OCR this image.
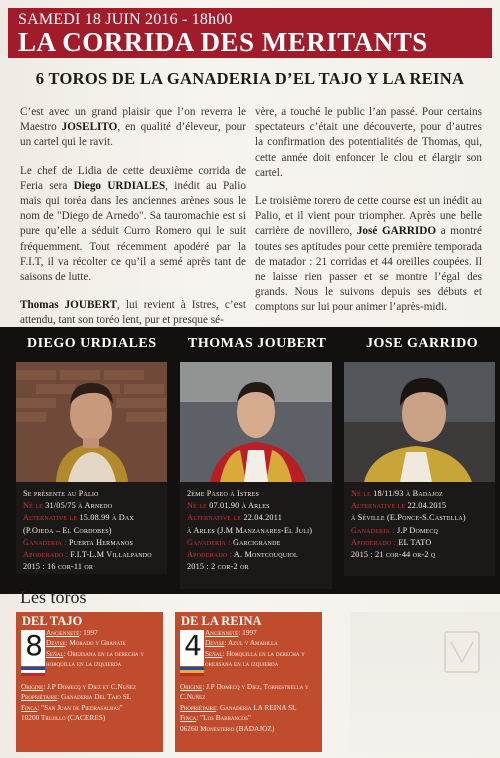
SAMEDI 18 JUIN 2016 - 18h00
LA CORRIDA DES MERITANTS
6 TOROS DE LA GANADERIA D’EL TAJO Y LA REINA

C’est avec un grand plaisir que l’on reverra le Maestro JOSELITO, en qualité d’éleveur, pour un cartel qui le ravit.

Le chef de Lidia de cette deuxième corrida de Feria sera Diego URDIALES, inédit au Palio mais qui toréa dans les anciennes arènes sous le nom de "Diego de Arnedo". Sa tauromachie est si pure qu’elle a séduit Curro Romero qui le suit fréquemment. Tout récemment apodéré par la F.I.T, il va récolter ce qu’il a semé après tant de saisons de lutte.

Thomas JOUBERT, lui revient à Istres, c’est attendu, tant son toréo lent, pur et presque sé-

vère, a touché le public l’an passé. Pour certains spectateurs c’était une découverte, pour d’autres la confirmation des potentialités de Thomas, qui, cette année doit enfoncer le clou et élargir son cartel.

Le troisième torero de cette course est un inédit au Palio, et il vient pour triompher. Après une belle carrière de novillero, José GARRIDO a montré toutes ses aptitudes pour cette première temporada de matador : 21 corridas et 44 oreilles coupées. Il ne laisse rien passer et se montre l’égal des grands. Nous le suivons depuis ses débuts et comptons sur lui pour animer l’après-midi.

DIEGO URDIALES THOMAS JOUBERT	JOSE GARRIDO
Se présente au Palio
Né le 31/05/75 à Arnedo
Alternative le 15.08.99 à Dax
(P.Ojeda – El Cordobes)
Ganaderia : Puerta Hermanos
Apoderado : F.I.T-L.M Villalpando
2015 : 16 cor-11 or
2ème Paseo à Istres
Né le 07.01.90 à Arles
Alternative le 22.04.2011
à Arles (J.M Manzanares-El Juli)
Ganaderia : Garcigrande
Apoderado : A. Montcouquiol
2015 : 2 cor-2 or
Né le 18/11/93 à Badajoz
Alternative le 22.04.2015
à Séville (E.Ponce-S.Castella)
Ganaderia : J.P Domecq
Apoderado : EL TATO
2015 : 21 cor-44 or-2 q
Les toros
DEL TAJO
8 Ancienneté: 1997
Devise: Morado y Granate
Señal: Orejisana en la derecha y horquilla en la izquierda
Origine: J.P Domecq y Diez et C.Nuñez
Propriétaire: Ganaderia Del Tajo SL
Finca: "San Juan de Piedrasalbas"
10200 Trujillo (CACERES)
DE LA REINA
4 Ancienneté: 1997
Devise: Azul y Amarilla
Señal: Horquilla en la derecha y orejisana en la izquierda
Origine: J.P Domecq y Diez, Torrestrella y C.Nuñez
Propriétaire: Ganaderia LA REINA SL
Finca: "Los Barrancos"
06260 Monesterio (BADAJOZ)
